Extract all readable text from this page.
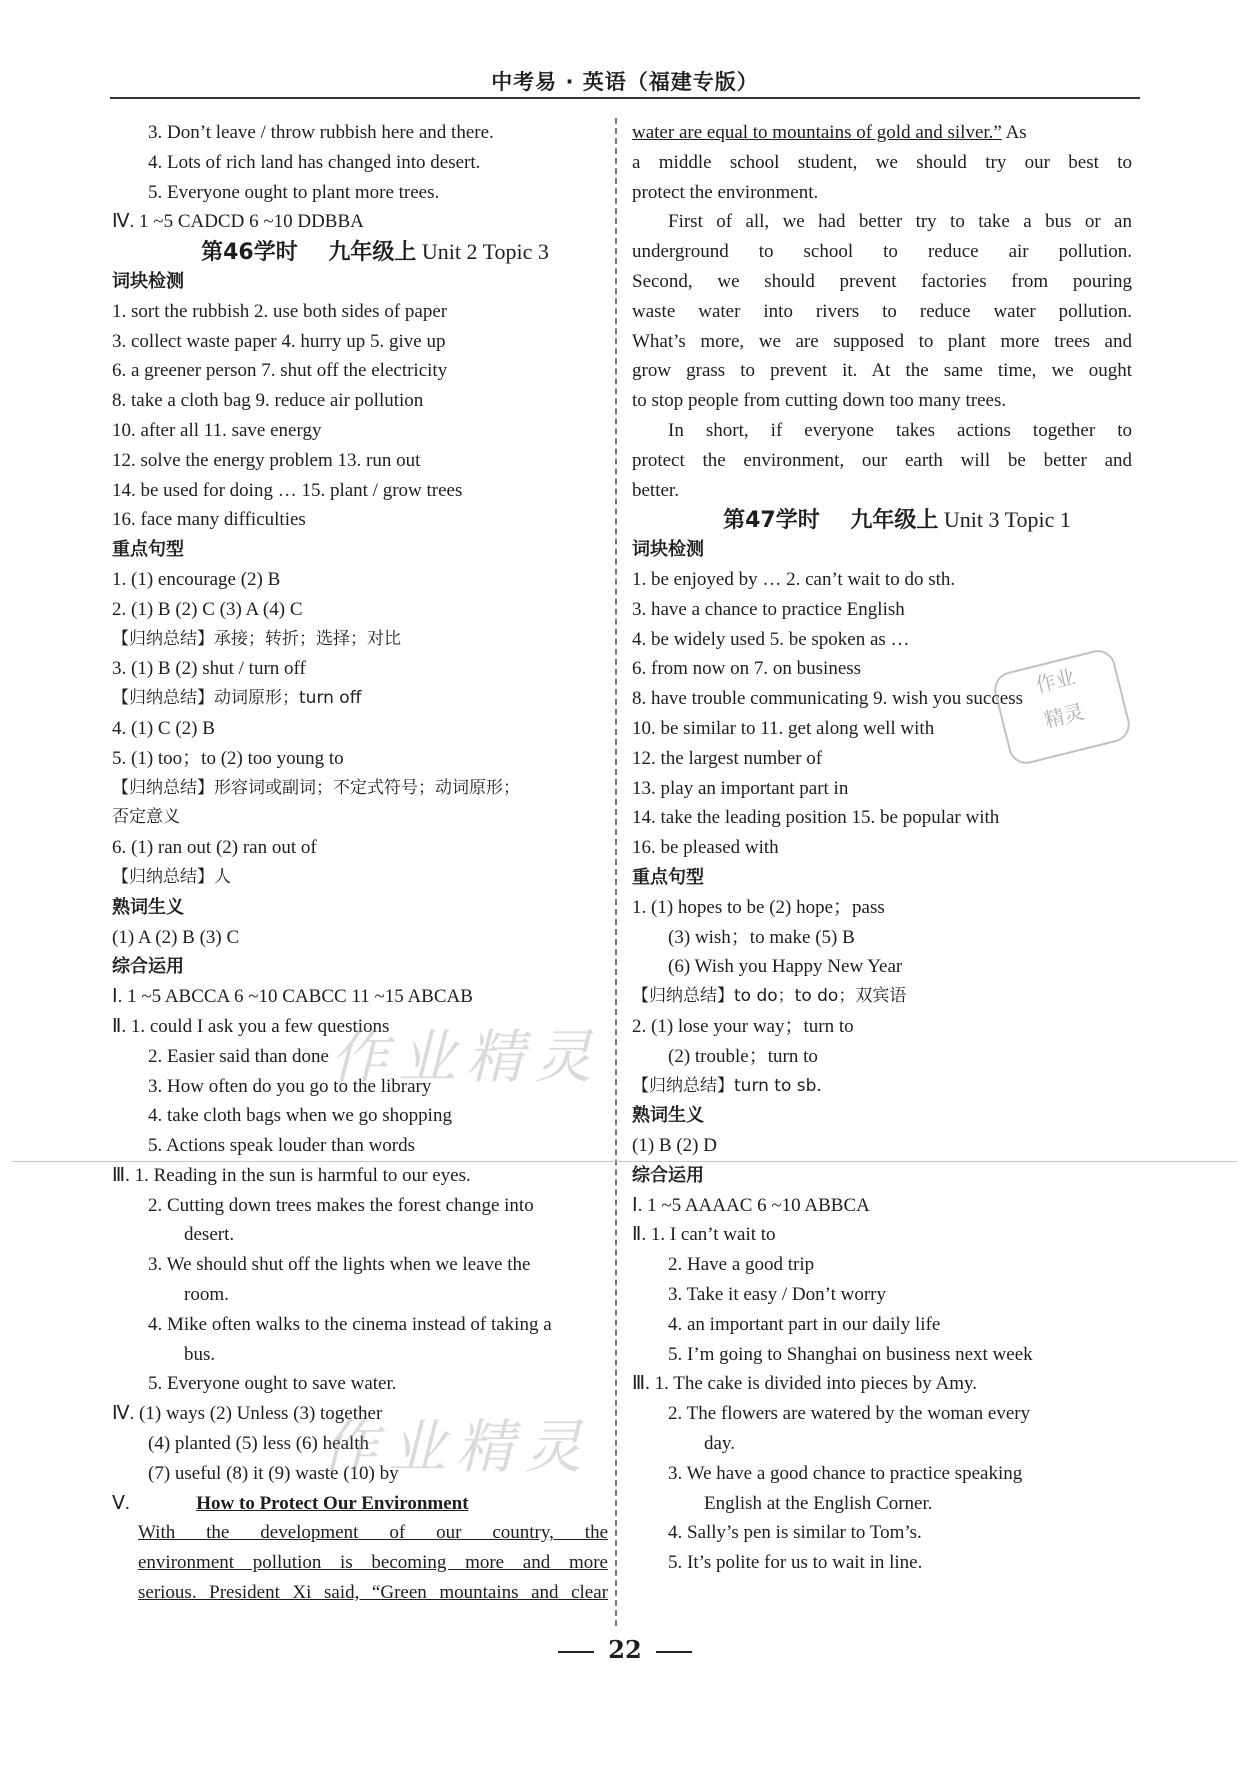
中考易 · 英语（福建专版）
3. Don’t leave / throw rubbish here and there.
4. Lots of rich land has changed into desert.
5. Everyone ought to plant more trees.
Ⅳ. 1 ~5 CADCD 6 ~10 DDBBA
第46学时    九年级上 Unit 2 Topic 3
词块检测
1. sort the rubbish 2. use both sides of paper
3. collect waste paper 4. hurry up 5. give up
6. a greener person 7. shut off the electricity
8. take a cloth bag 9. reduce air pollution
10. after all 11. save energy
12. solve the energy problem 13. run out
14. be used for doing … 15. plant / grow trees
16. face many difficulties
重点句型
1. (1) encourage (2) B
2. (1) B (2) C (3) A (4) C
【归纳总结】承接；转折；选择；对比
3. (1) B (2) shut / turn off
【归纳总结】动词原形；turn off
4. (1) C (2) B
5. (1) too；to (2) too young to
【归纳总结】形容词或副词；不定式符号；动词原形；
否定意义
6. (1) ran out (2) ran out of
【归纳总结】人
熟词生义
(1) A (2) B (3) C
综合运用
Ⅰ. 1 ~5 ABCCA 6 ~10 CABCC 11 ~15 ABCAB
Ⅱ. 1. could I ask you a few questions
2. Easier said than done
3. How often do you go to the library
4. take cloth bags when we go shopping
5. Actions speak louder than words
Ⅲ. 1. Reading in the sun is harmful to our eyes.
2. Cutting down trees makes the forest change into
desert.
3. We should shut off the lights when we leave the
room.
4. Mike often walks to the cinema instead of taking a
bus.
5. Everyone ought to save water.
Ⅳ. (1) ways (2) Unless (3) together
(4) planted (5) less (6) health
(7) useful (8) it (9) waste (10) by
Ⅴ.              How to Protect Our Environment
With the development of our country, the
environment pollution is becoming more and more
serious. President Xi said, “Green mountains and clear
water are equal to mountains of gold and silver.” As
a middle school student, we should try our best to
protect the environment.
First of all, we had better try to take a bus or an
underground to school to reduce air pollution.
Second, we should prevent factories from pouring
waste water into rivers to reduce water pollution.
What’s more, we are supposed to plant more trees and
grow grass to prevent it. At the same time, we ought
to stop people from cutting down too many trees.
In short, if everyone takes actions together to
protect the environment, our earth will be better and
better.
第47学时    九年级上 Unit 3 Topic 1
词块检测
1. be enjoyed by … 2. can’t wait to do sth.
3. have a chance to practice English
4. be widely used 5. be spoken as …
6. from now on 7. on business
8. have trouble communicating 9. wish you success
10. be similar to 11. get along well with
12. the largest number of
13. play an important part in
14. take the leading position 15. be popular with
16. be pleased with
重点句型
1. (1) hopes to be (2) hope；pass
(3) wish；to make (5) B
(6) Wish you Happy New Year
【归纳总结】to do；to do；双宾语
2. (1) lose your way；turn to
(2) trouble；turn to
【归纳总结】turn to sb.
熟词生义
(1) B (2) D
综合运用
Ⅰ. 1 ~5 AAAAC 6 ~10 ABBCA
Ⅱ. 1. I can’t wait to
2. Have a good trip
3. Take it easy / Don’t worry
4. an important part in our daily life
5. I’m going to Shanghai on business next week
Ⅲ. 1. The cake is divided into pieces by Amy.
2. The flowers are watered by the woman every
day.
3. We have a good chance to practice speaking
English at the English Corner.
4. Sally’s pen is similar to Tom’s.
5. It’s polite for us to wait in line.
作业精灵
作业精灵
作业
精灵
22
